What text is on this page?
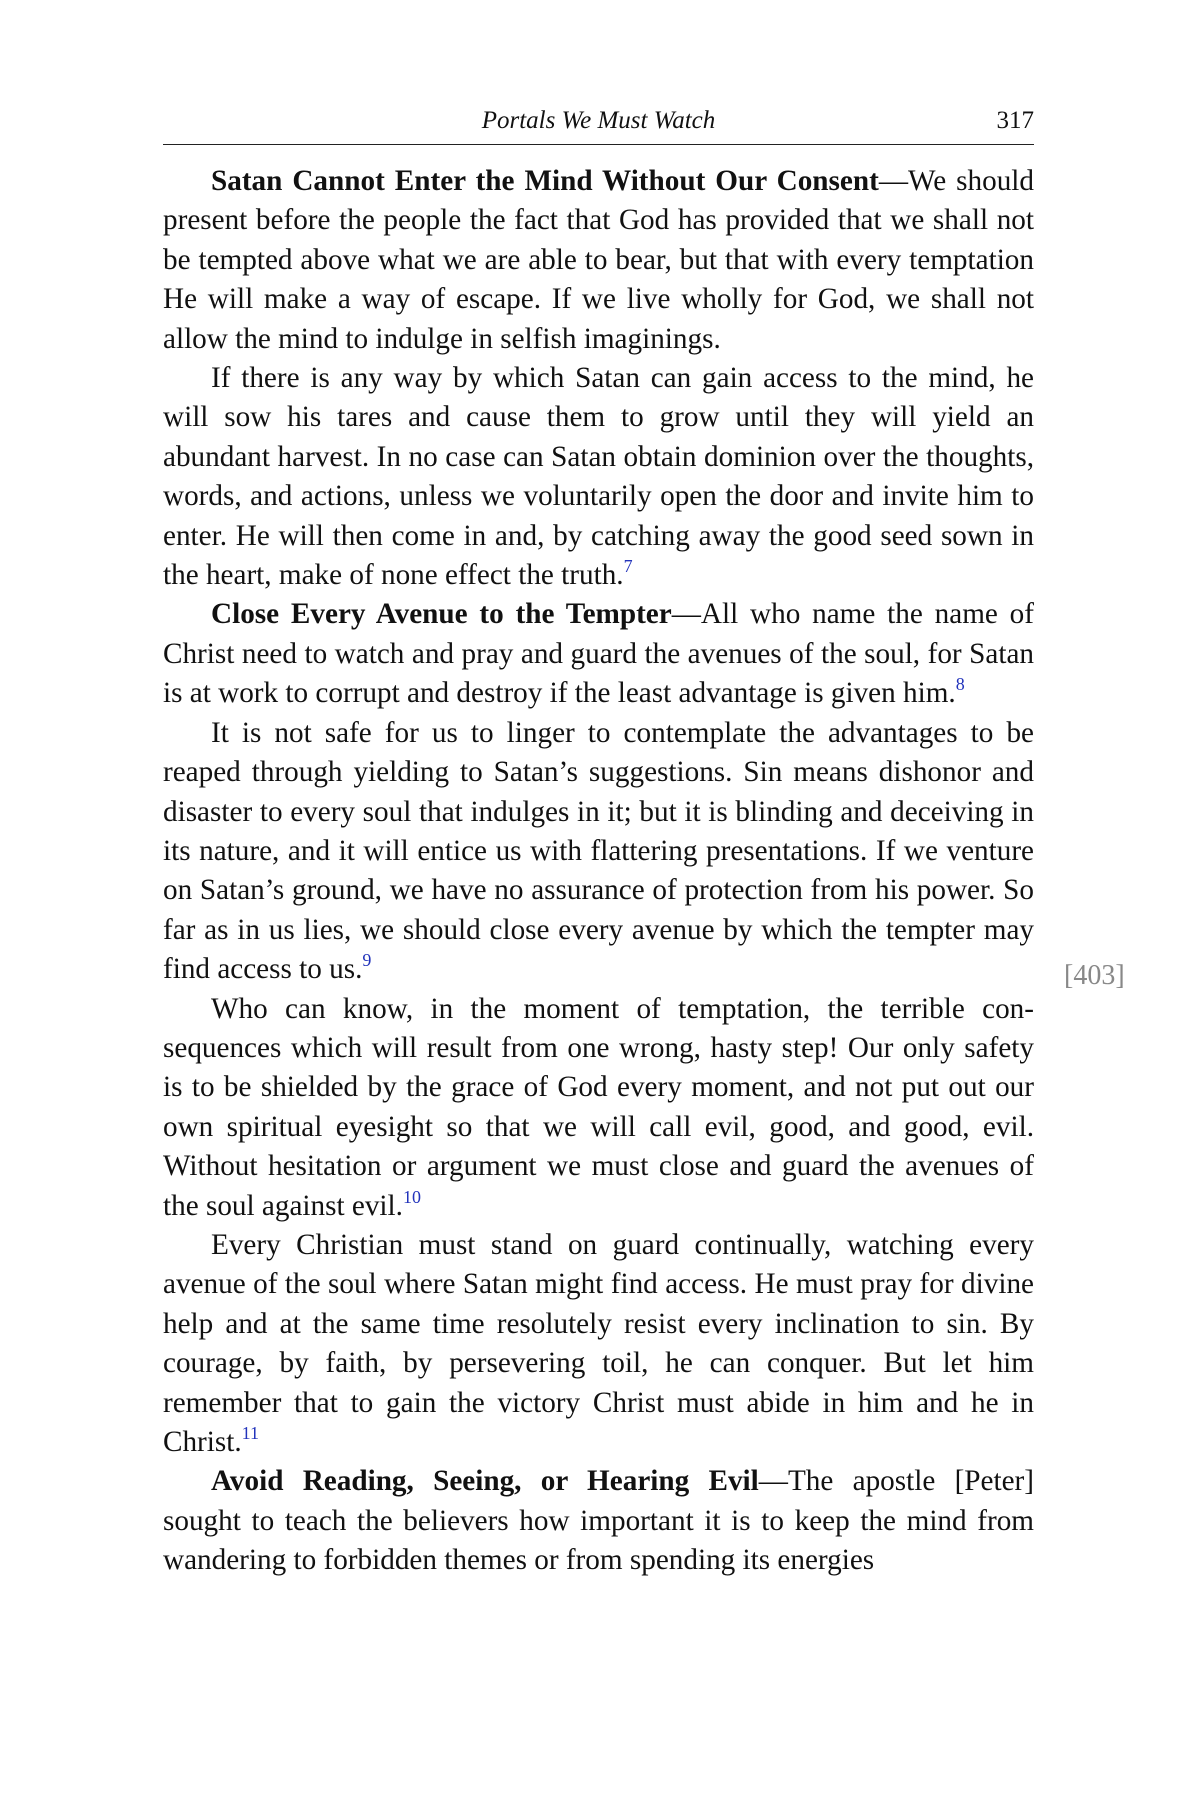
Portals We Must Watch	317

Satan Cannot Enter the Mind Without Our Consent—We should present before the people the fact that God has provided that we shall not be tempted above what we are able to bear, but that with every temptation He will make a way of escape. If we live wholly for God, we shall not allow the mind to indulge in selfish imaginings.

If there is any way by which Satan can gain access to the mind, he will sow his tares and cause them to grow until they will yield an abundant harvest. In no case can Satan obtain dominion over the thoughts, words, and actions, unless we voluntarily open the door and invite him to enter. He will then come in and, by catching away the good seed sown in the heart, make of none effect the truth.$^7$

Close Every Avenue to the Tempter—All who name the name of Christ need to watch and pray and guard the avenues of the soul, for Satan is at work to corrupt and destroy if the least advantage is given him.$^8$

It is not safe for us to linger to contemplate the advantages to be reaped through yielding to Satan’s suggestions. Sin means dishonor and disaster to every soul that indulges in it; but it is blinding and deceiving in its nature, and it will entice us with flattering presentations. If we venture on Satan’s ground, we have no assurance of protection from his power. So far as in us lies, we should close every avenue by which the tempter may find access to us.$^9$

Who can know, in the moment of temptation, the terrible consequences which will result from one wrong, hasty step! Our only safety is to be shielded by the grace of God every moment, and not put out our own spiritual eyesight so that we will call evil, good, and good, evil. Without hesitation or argument we must close and guard the avenues of the soul against evil.$^{10}$

Every Christian must stand on guard continually, watching every avenue of the soul where Satan might find access. He must pray for divine help and at the same time resolutely resist every inclination to sin. By courage, by faith, by persevering toil, he can conquer. But let him remember that to gain the victory Christ must abide in him and he in Christ.$^{11}$

Avoid Reading, Seeing, or Hearing Evil—The apostle [Peter] sought to teach the believers how important it is to keep the mind from wandering to forbidden themes or from spending its energies

[403]
